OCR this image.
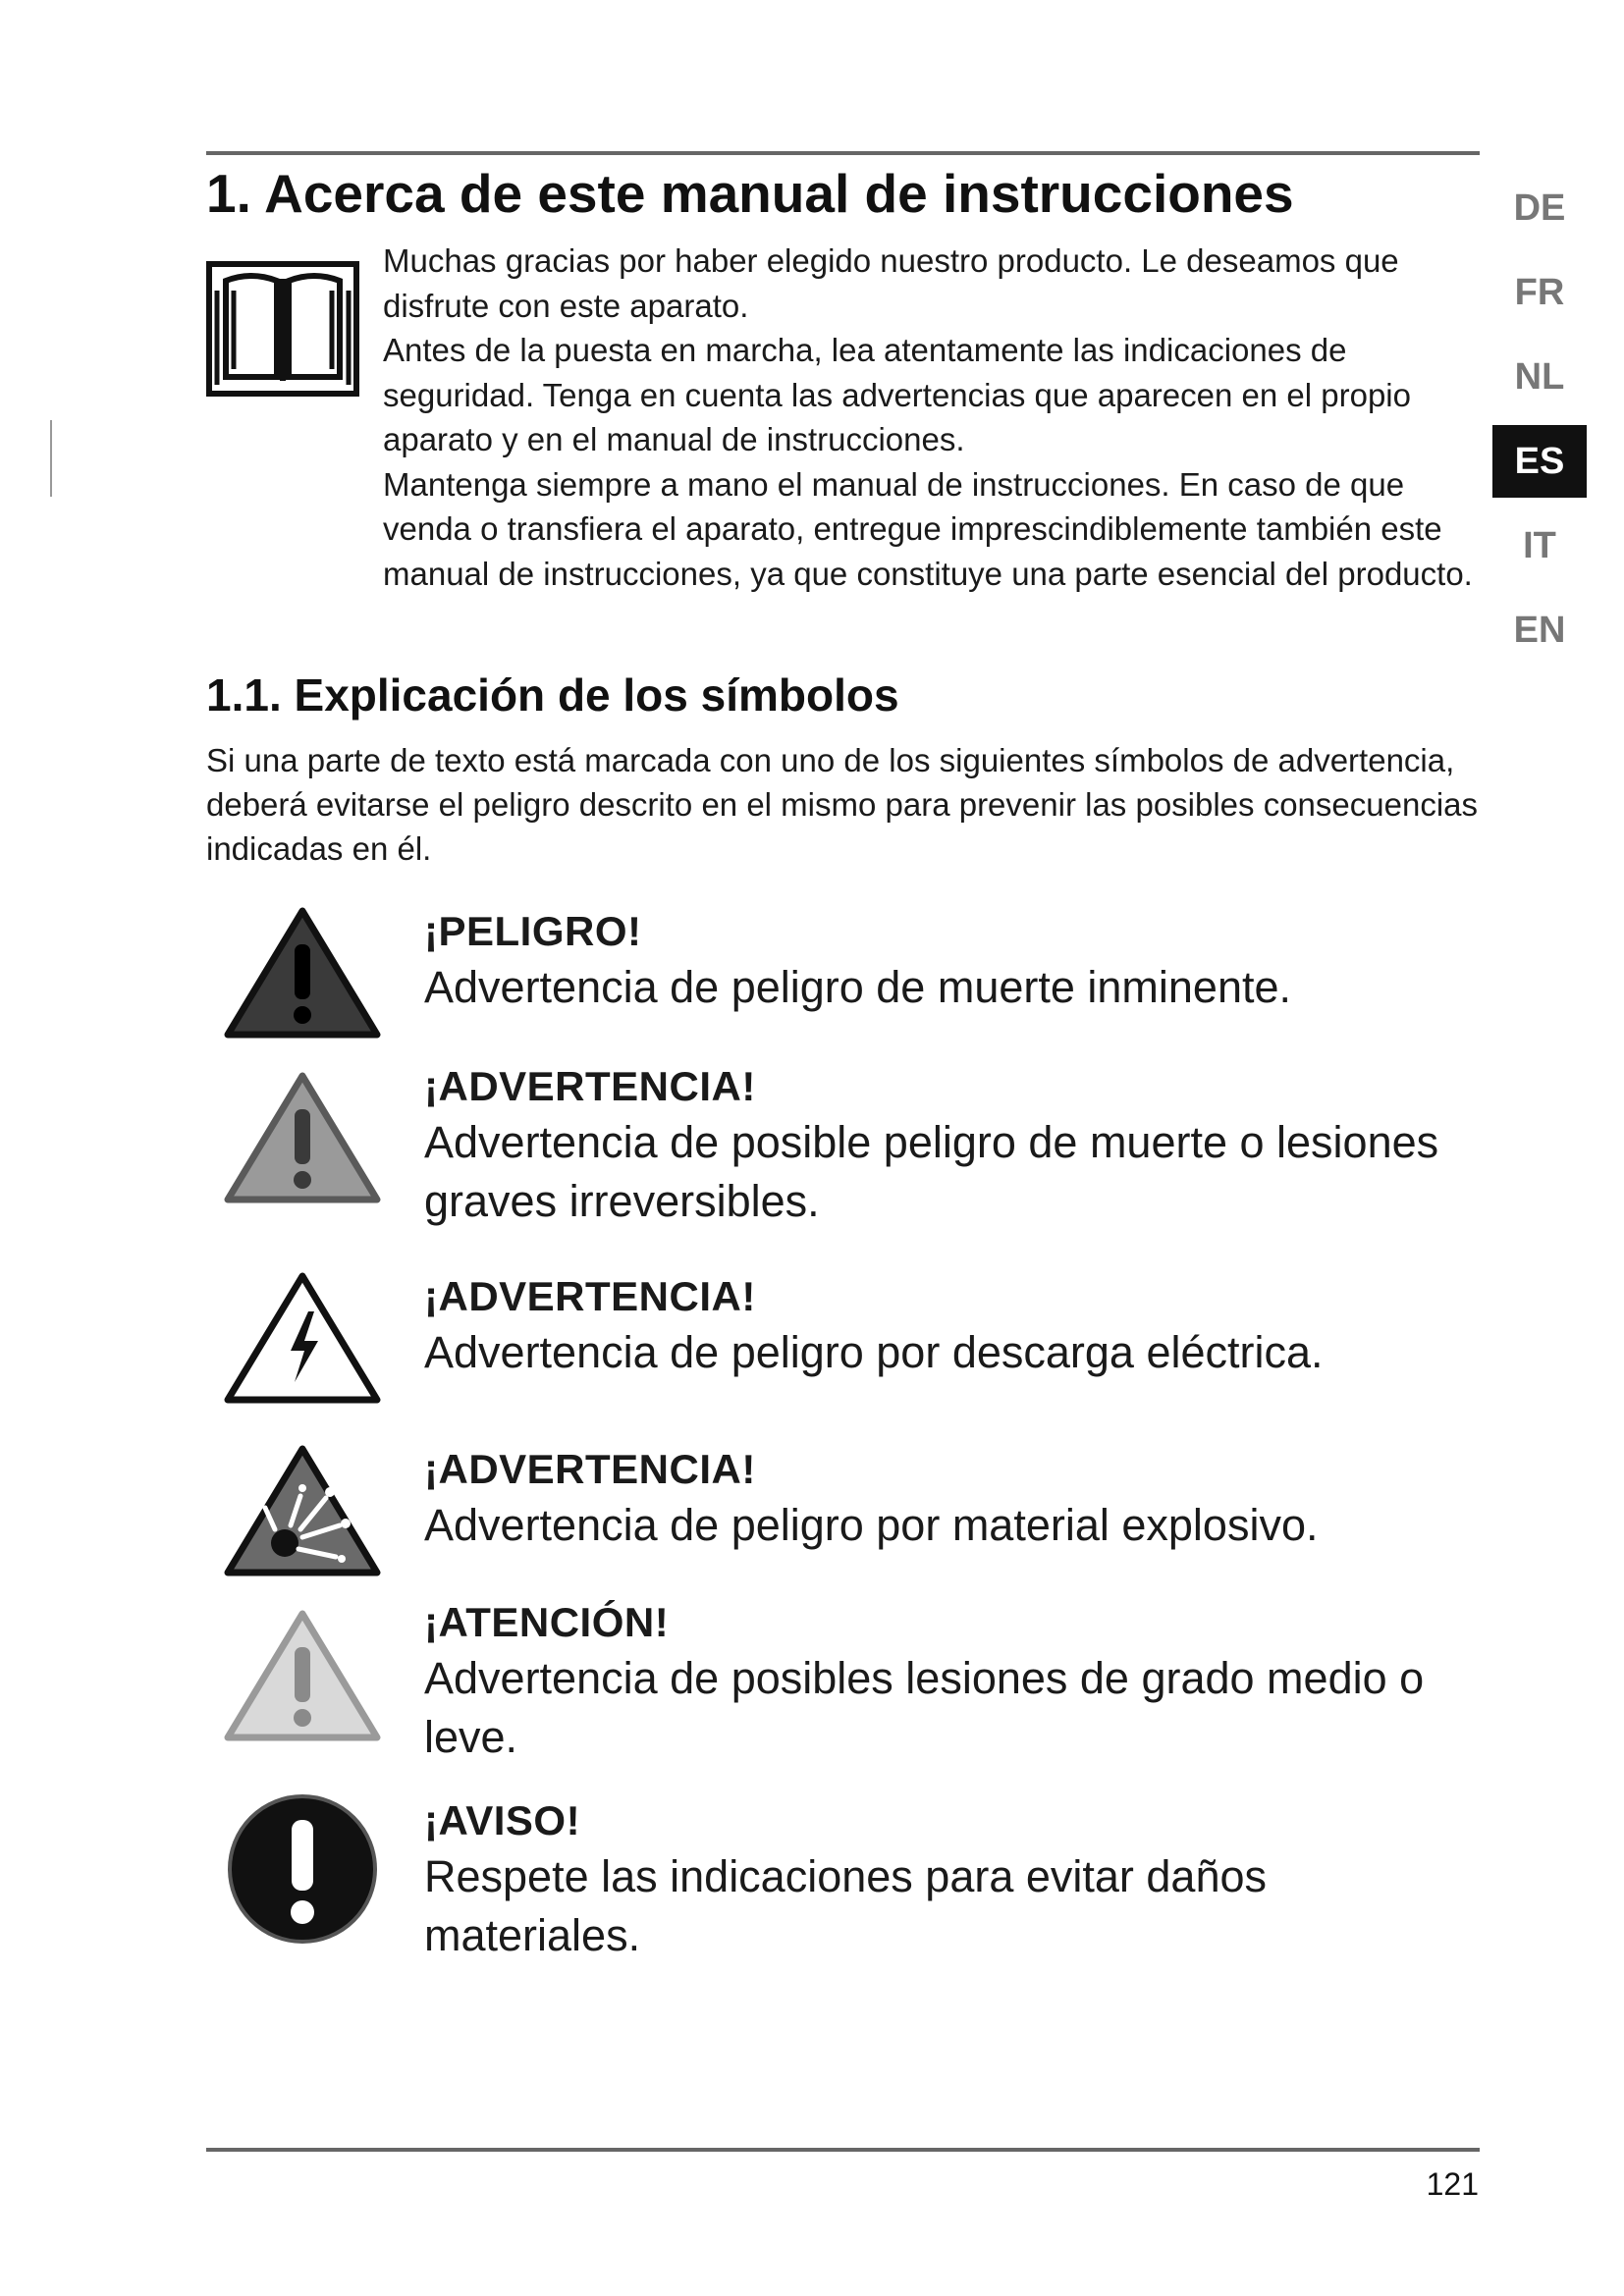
1. Acerca de este manual de instrucciones

Muchas gracias por haber elegido nuestro producto. Le deseamos que disfrute con este aparato.

Antes de la puesta en marcha, lea atentamente las indicaciones de seguridad. Tenga en cuenta las advertencias que aparecen en el propio aparato y en el manual de instrucciones.

Mantenga siempre a mano el manual de instrucciones. En caso de que venda o transfiera el aparato, entregue imprescindiblemente también este manual de instrucciones, ya que constituye una parte esencial del producto.

1.1. Explicación de los símbolos

Si una parte de texto está marcada con uno de los siguientes símbolos de advertencia, deberá evitarse el peligro descrito en el mismo para prevenir las posibles consecuencias indicadas en él.

¡PELIGRO!
Advertencia de peligro de muerte inminente.
¡ADVERTENCIA!
Advertencia de posible peligro de muerte o lesiones graves irreversibles.
¡ADVERTENCIA!
Advertencia de peligro por descarga eléctrica.
¡ADVERTENCIA!
Advertencia de peligro por material explosivo.
¡ATENCIÓN!
Advertencia de posibles lesiones de grado medio o leve.
¡AVISO!
Respete las indicaciones para evitar daños materiales.
DE
FR
NL
ES
IT
EN
121
